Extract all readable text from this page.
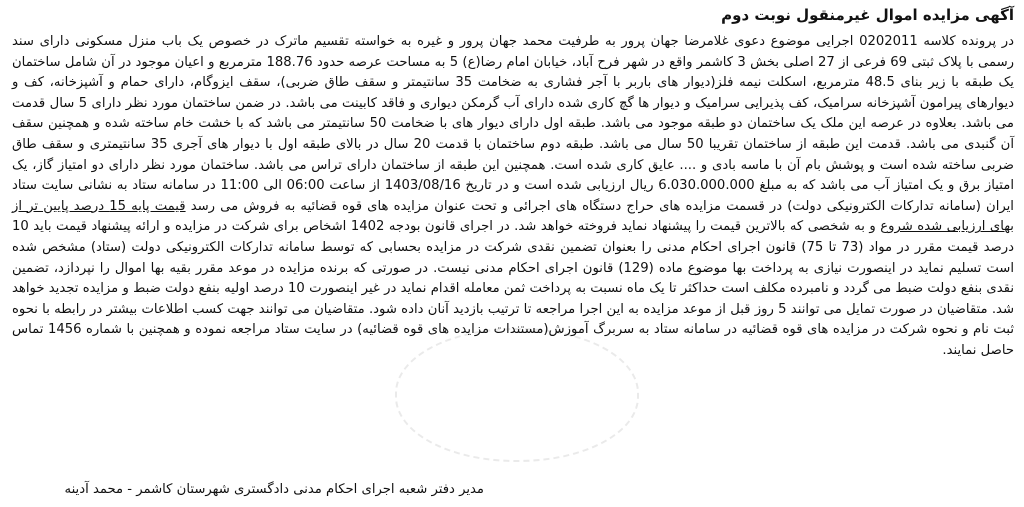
آگهی مزایده اموال غیرمنقول نوبت دوم
در پرونده کلاسه 0202011 اجرایی موضوع دعوی غلامرضا جهان پرور به طرفیت محمد جهان پرور و غیره به خواسته تقسیم ماترک در خصوص یک باب منزل مسکونی دارای سند رسمی با پلاک ثبتی 69 فرعی از 27 اصلی بخش 3 کاشمر واقع در شهر فرح آباد، خیابان امام رضا(ع) 5 به مساحت عرصه حدود 188.76 مترمربع و اعیان موجود در آن شامل ساختمان یک طبقه با زیر بنای 48.5 مترمربع، اسکلت نیمه فلز(دیوار های باربر با آجر فشاری به ضخامت 35 سانتیمتر و سقف طاق ضربی)، سقف ایزوگام، دارای حمام و آشپزخانه، کف و دیوارهای پیرامون آشپزخانه سرامیک، کف پذیرایی سرامیک و دیوار ها گچ کاری شده دارای آب گرمکن دیواری و فاقد کابینت می باشد. در ضمن ساختمان مورد نظر دارای 5 سال قدمت می باشد. بعلاوه در عرصه این ملک یک ساختمان دو طبقه موجود می باشد. طبقه اول دارای دیوار های با ضخامت 50 سانتیمتر می باشد که با خشت خام ساخته شده و همچنین سقف آن گنبدی می باشد. قدمت این طبقه از ساختمان تقریبا 50 سال می باشد. طبقه دوم ساختمان با قدمت 20 سال در بالای طبقه اول با دیوار های آجری 35 سانتیمتری و سقف طاق ضربی ساخته شده است و پوشش بام آن با ماسه بادی و .... عایق کاری شده است. همچنین این طبقه از ساختمان دارای تراس می باشد. ساختمان مورد نظر دارای دو امتیاز گاز، یک امتیاز برق و یک امتیاز آب می باشد که به مبلغ 6.030.000.000 ریال ارزیابی شده است و در تاریخ 1403/08/16 از ساعت 06:00 الی 11:00 در سامانه ستاد به نشانی سایت ستاد ایران (سامانه تدارکات الکترونیکی دولت) در قسمت مزایده های حراج دستگاه های اجرائی و تحت عنوان مزایده های قوه قضائیه به فروش می رسد قیمت پایه 15 درصد پایین تر از بهای ارزیابی شده شروع و به شخصی که بالاترین قیمت را پیشنهاد نماید فروخته خواهد شد. در اجرای قانون بودجه 1402 اشخاص برای شرکت در مزایده و ارائه پیشنهاد قیمت باید 10 درصد قیمت مقرر در مواد (73 تا 75) قانون اجرای احکام مدنی را بعنوان تضمین نقدی شرکت در مزایده بحسابی که توسط سامانه تدارکات الکترونیکی دولت (ستاد) مشخص شده است تسلیم نماید در اینصورت نیازی به پرداخت بها موضوع ماده (129) قانون اجرای احکام مدنی نیست. در صورتی که برنده مزایده در موعد مقرر بقیه بها اموال را نپردازد، تضمین نقدی بنفع دولت ضبط می گردد و نامبرده مکلف است حداکثر تا یک ماه نسبت به پرداخت ثمن معامله اقدام نماید در غیر اینصورت 10 درصد اولیه بنفع دولت ضبط و مزایده تجدید خواهد شد. متقاضیان در صورت تمایل می توانند 5 روز قبل از موعد مزایده به این اجرا مراجعه تا ترتیب بازدید آنان داده شود. متقاضیان می توانند جهت کسب اطلاعات بیشتر در رابطه با نحوه ثبت نام و نحوه شرکت در مزایده های قوه قضائیه در سامانه ستاد به سربرگ آموزش(مستندات مزایده های قوه قضائیه) در سایت ستاد مراجعه نموده و همچنین با شماره 1456 تماس حاصل نمایند.
مدیر دفتر شعبه اجرای احکام مدنی دادگستری شهرستان کاشمر - محمد آدینه
